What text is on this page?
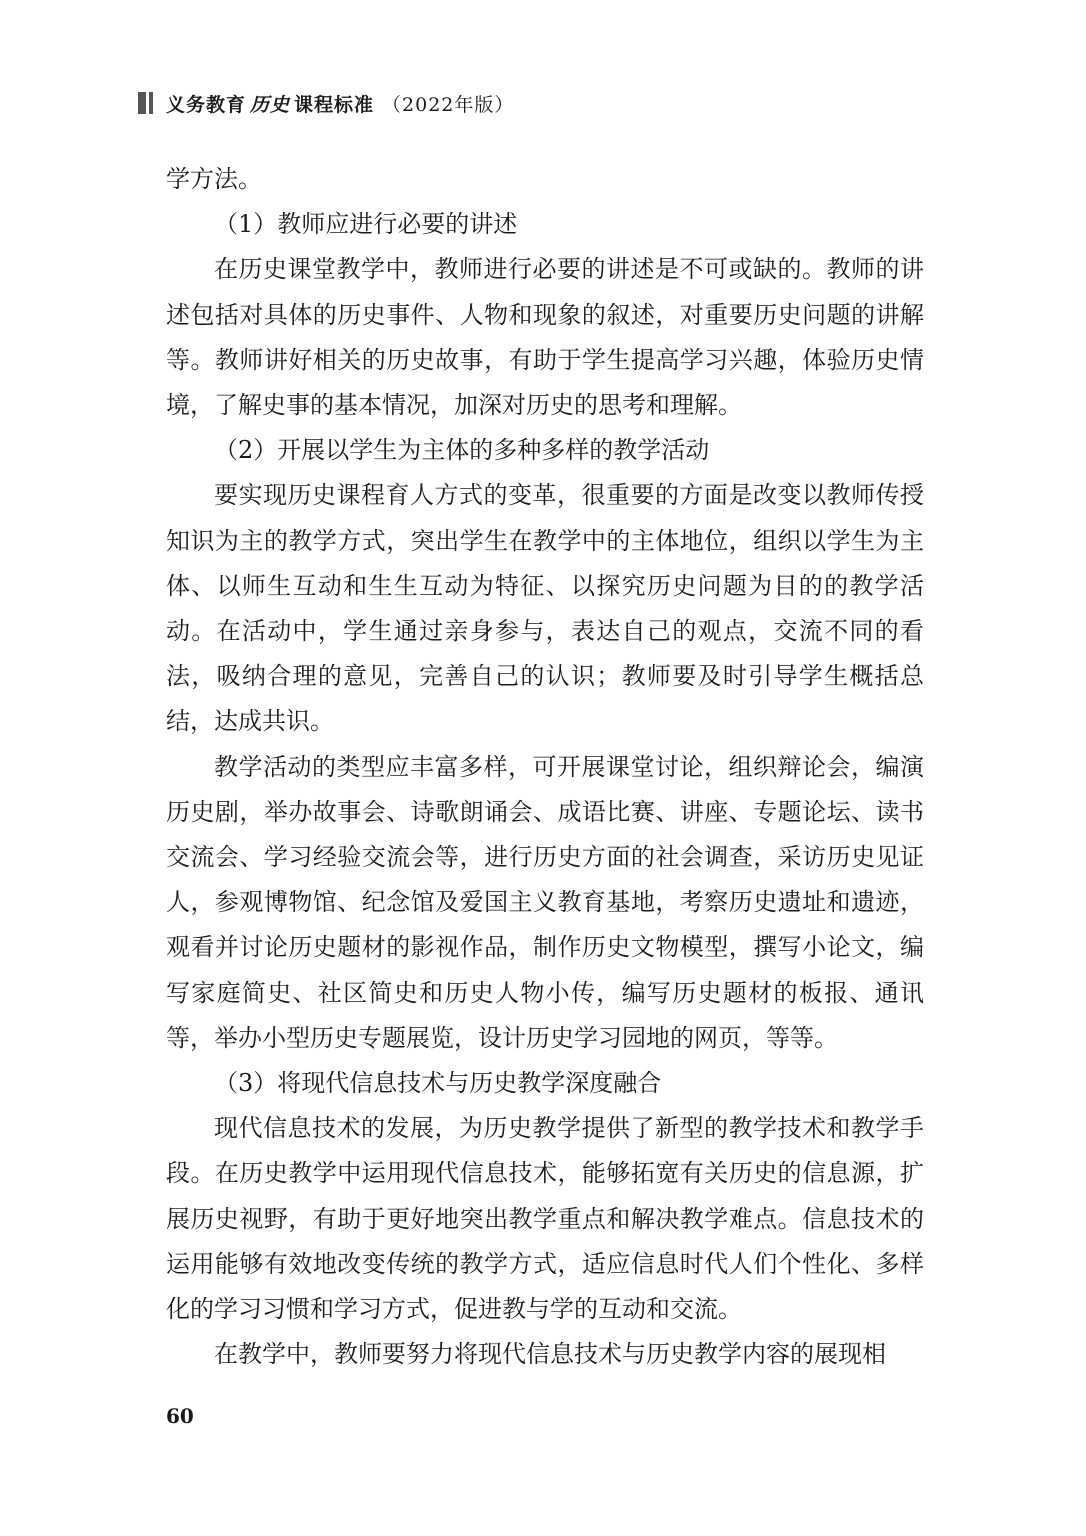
义务教育 历史 课程标准 （2022年版）

学方法。

（1）教师应进行必要的讲述

在历史课堂教学中，教师进行必要的讲述是不可或缺的。教师的讲述包括对具体的历史事件、人物和现象的叙述，对重要历史问题的讲解等。教师讲好相关的历史故事，有助于学生提高学习兴趣，体验历史情境，了解史事的基本情况，加深对历史的思考和理解。

（2）开展以学生为主体的多种多样的教学活动

要实现历史课程育人方式的变革，很重要的方面是改变以教师传授知识为主的教学方式，突出学生在教学中的主体地位，组织以学生为主体、以师生互动和生生互动为特征、以探究历史问题为目的的教学活动。在活动中，学生通过亲身参与，表达自己的观点，交流不同的看法，吸纳合理的意见，完善自己的认识；教师要及时引导学生概括总结，达成共识。

教学活动的类型应丰富多样，可开展课堂讨论，组织辩论会，编演历史剧，举办故事会、诗歌朗诵会、成语比赛、讲座、专题论坛、读书交流会、学习经验交流会等，进行历史方面的社会调查，采访历史见证人，参观博物馆、纪念馆及爱国主义教育基地，考察历史遗址和遗迹，观看并讨论历史题材的影视作品，制作历史文物模型，撰写小论文，编写家庭简史、社区简史和历史人物小传，编写历史题材的板报、通讯等，举办小型历史专题展览，设计历史学习园地的网页，等等。

（3）将现代信息技术与历史教学深度融合

现代信息技术的发展，为历史教学提供了新型的教学技术和教学手段。在历史教学中运用现代信息技术，能够拓宽有关历史的信息源，扩展历史视野，有助于更好地突出教学重点和解决教学难点。信息技术的运用能够有效地改变传统的教学方式，适应信息时代人们个性化、多样化的学习习惯和学习方式，促进教与学的互动和交流。

在教学中，教师要努力将现代信息技术与历史教学内容的展现相

60
